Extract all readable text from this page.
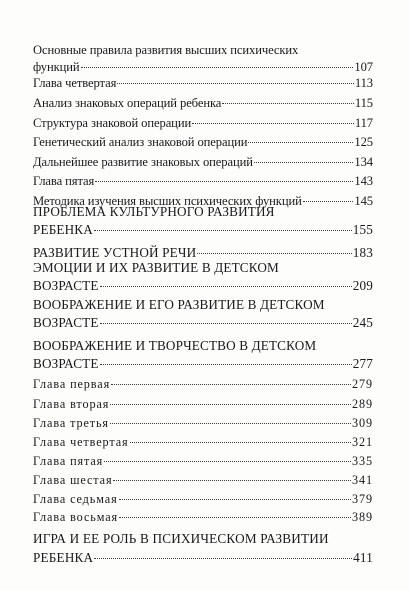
Основные правила развития высших психических
функций	107
Глава четвертая	113
Анализ знаковых операций ребенка	115
Структура знаковой операции	117
Генетический анализ знаковой операции	125
Дальнейшее развитие знаковых операций	134
Глава пятая	143
Методика изучения высших психических функций	145
ПРОБЛЕМА КУЛЬТУРНОГО РАЗВИТИЯ
РЕБЕНКА	155
РАЗВИТИЕ УСТНОЙ РЕЧИ	183
ЭМОЦИИ И ИХ РАЗВИТИЕ В ДЕТСКОМ
ВОЗРАСТЕ	209
ВООБРАЖЕНИЕ И ЕГО РАЗВИТИЕ В ДЕТСКОМ
ВОЗРАСТЕ	245
ВООБРАЖЕНИЕ И ТВОРЧЕСТВО В ДЕТСКОМ
ВОЗРАСТЕ	277
Глава первая	279
Глава вторая	289
Глава третья	309
Глава четвертая	321
Глава пятая	335
Глава шестая	341
Глава седьмая	379
Глава восьмая	389
ИГРА И ЕЕ РОЛЬ В ПСИХИЧЕСКОМ РАЗВИТИИ
РЕБЕНКА	411
